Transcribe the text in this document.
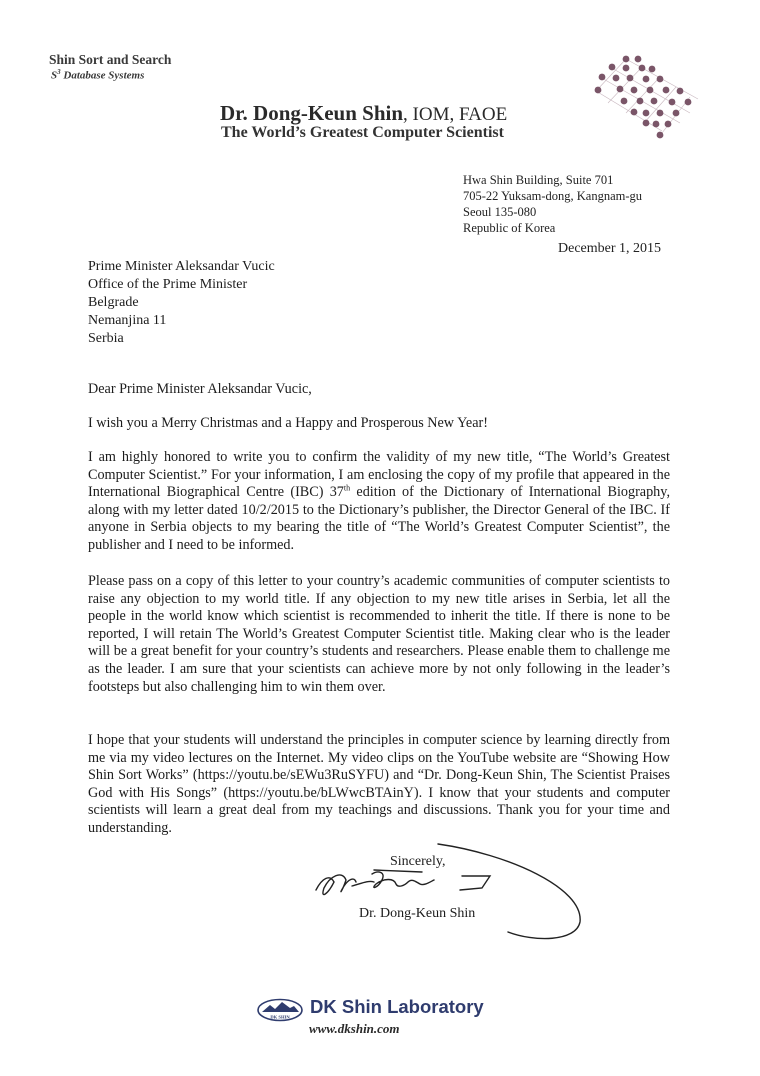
Shin Sort and Search
$S^3$ Database Systems
Dr. Dong-Keun Shin, IOM, FAOE
The World’s Greatest Computer Scientist
Hwa Shin Building, Suite 701
705-22 Yuksam-dong, Kangnam-gu
Seoul 135-080
Republic of Korea
December 1, 2015
Prime Minister Aleksandar Vucic
Office of the Prime Minister
Belgrade
Nemanjina 11
Serbia
Dear Prime Minister Aleksandar Vucic,
I wish you a Merry Christmas and a Happy and Prosperous New Year!
I am highly honored to write you to confirm the validity of my new title, “The World’s Greatest Computer Scientist.” For your information, I am enclosing the copy of my profile that appeared in the International Biographical Centre (IBC) 37th edition of the Dictionary of International Biography, along with my letter dated 10/2/2015 to the Dictionary’s publisher, the Director General of the IBC. If anyone in Serbia objects to my bearing the title of “The World’s Greatest Computer Scientist”, the publisher and I need to be informed.
Please pass on a copy of this letter to your country’s academic communities of computer scientists to raise any objection to my world title. If any objection to my new title arises in Serbia, let all the people in the world know which scientist is recommended to inherit the title. If there is none to be reported, I will retain The World’s Greatest Computer Scientist title. Making clear who is the leader will be a great benefit for your country’s students and researchers. Please enable them to challenge me as the leader. I am sure that your scientists can achieve more by not only following in the leader’s footsteps but also challenging him to win them over.
I hope that your students will understand the principles in computer science by learning directly from me via my video lectures on the Internet. My video clips on the YouTube website are “Showing How Shin Sort Works” (https://youtu.be/sEWu3RuSYFU) and “Dr. Dong-Keun Shin, The Scientist Praises God with His Songs” (https://youtu.be/bLWwcBTAinY). I know that your students and computer scientists will learn a great deal from my teachings and discussions. Thank you for your time and understanding.
Sincerely,
Dr. Dong-Keun Shin
DK SHIN DK Shin Laboratory
www.dkshin.com
